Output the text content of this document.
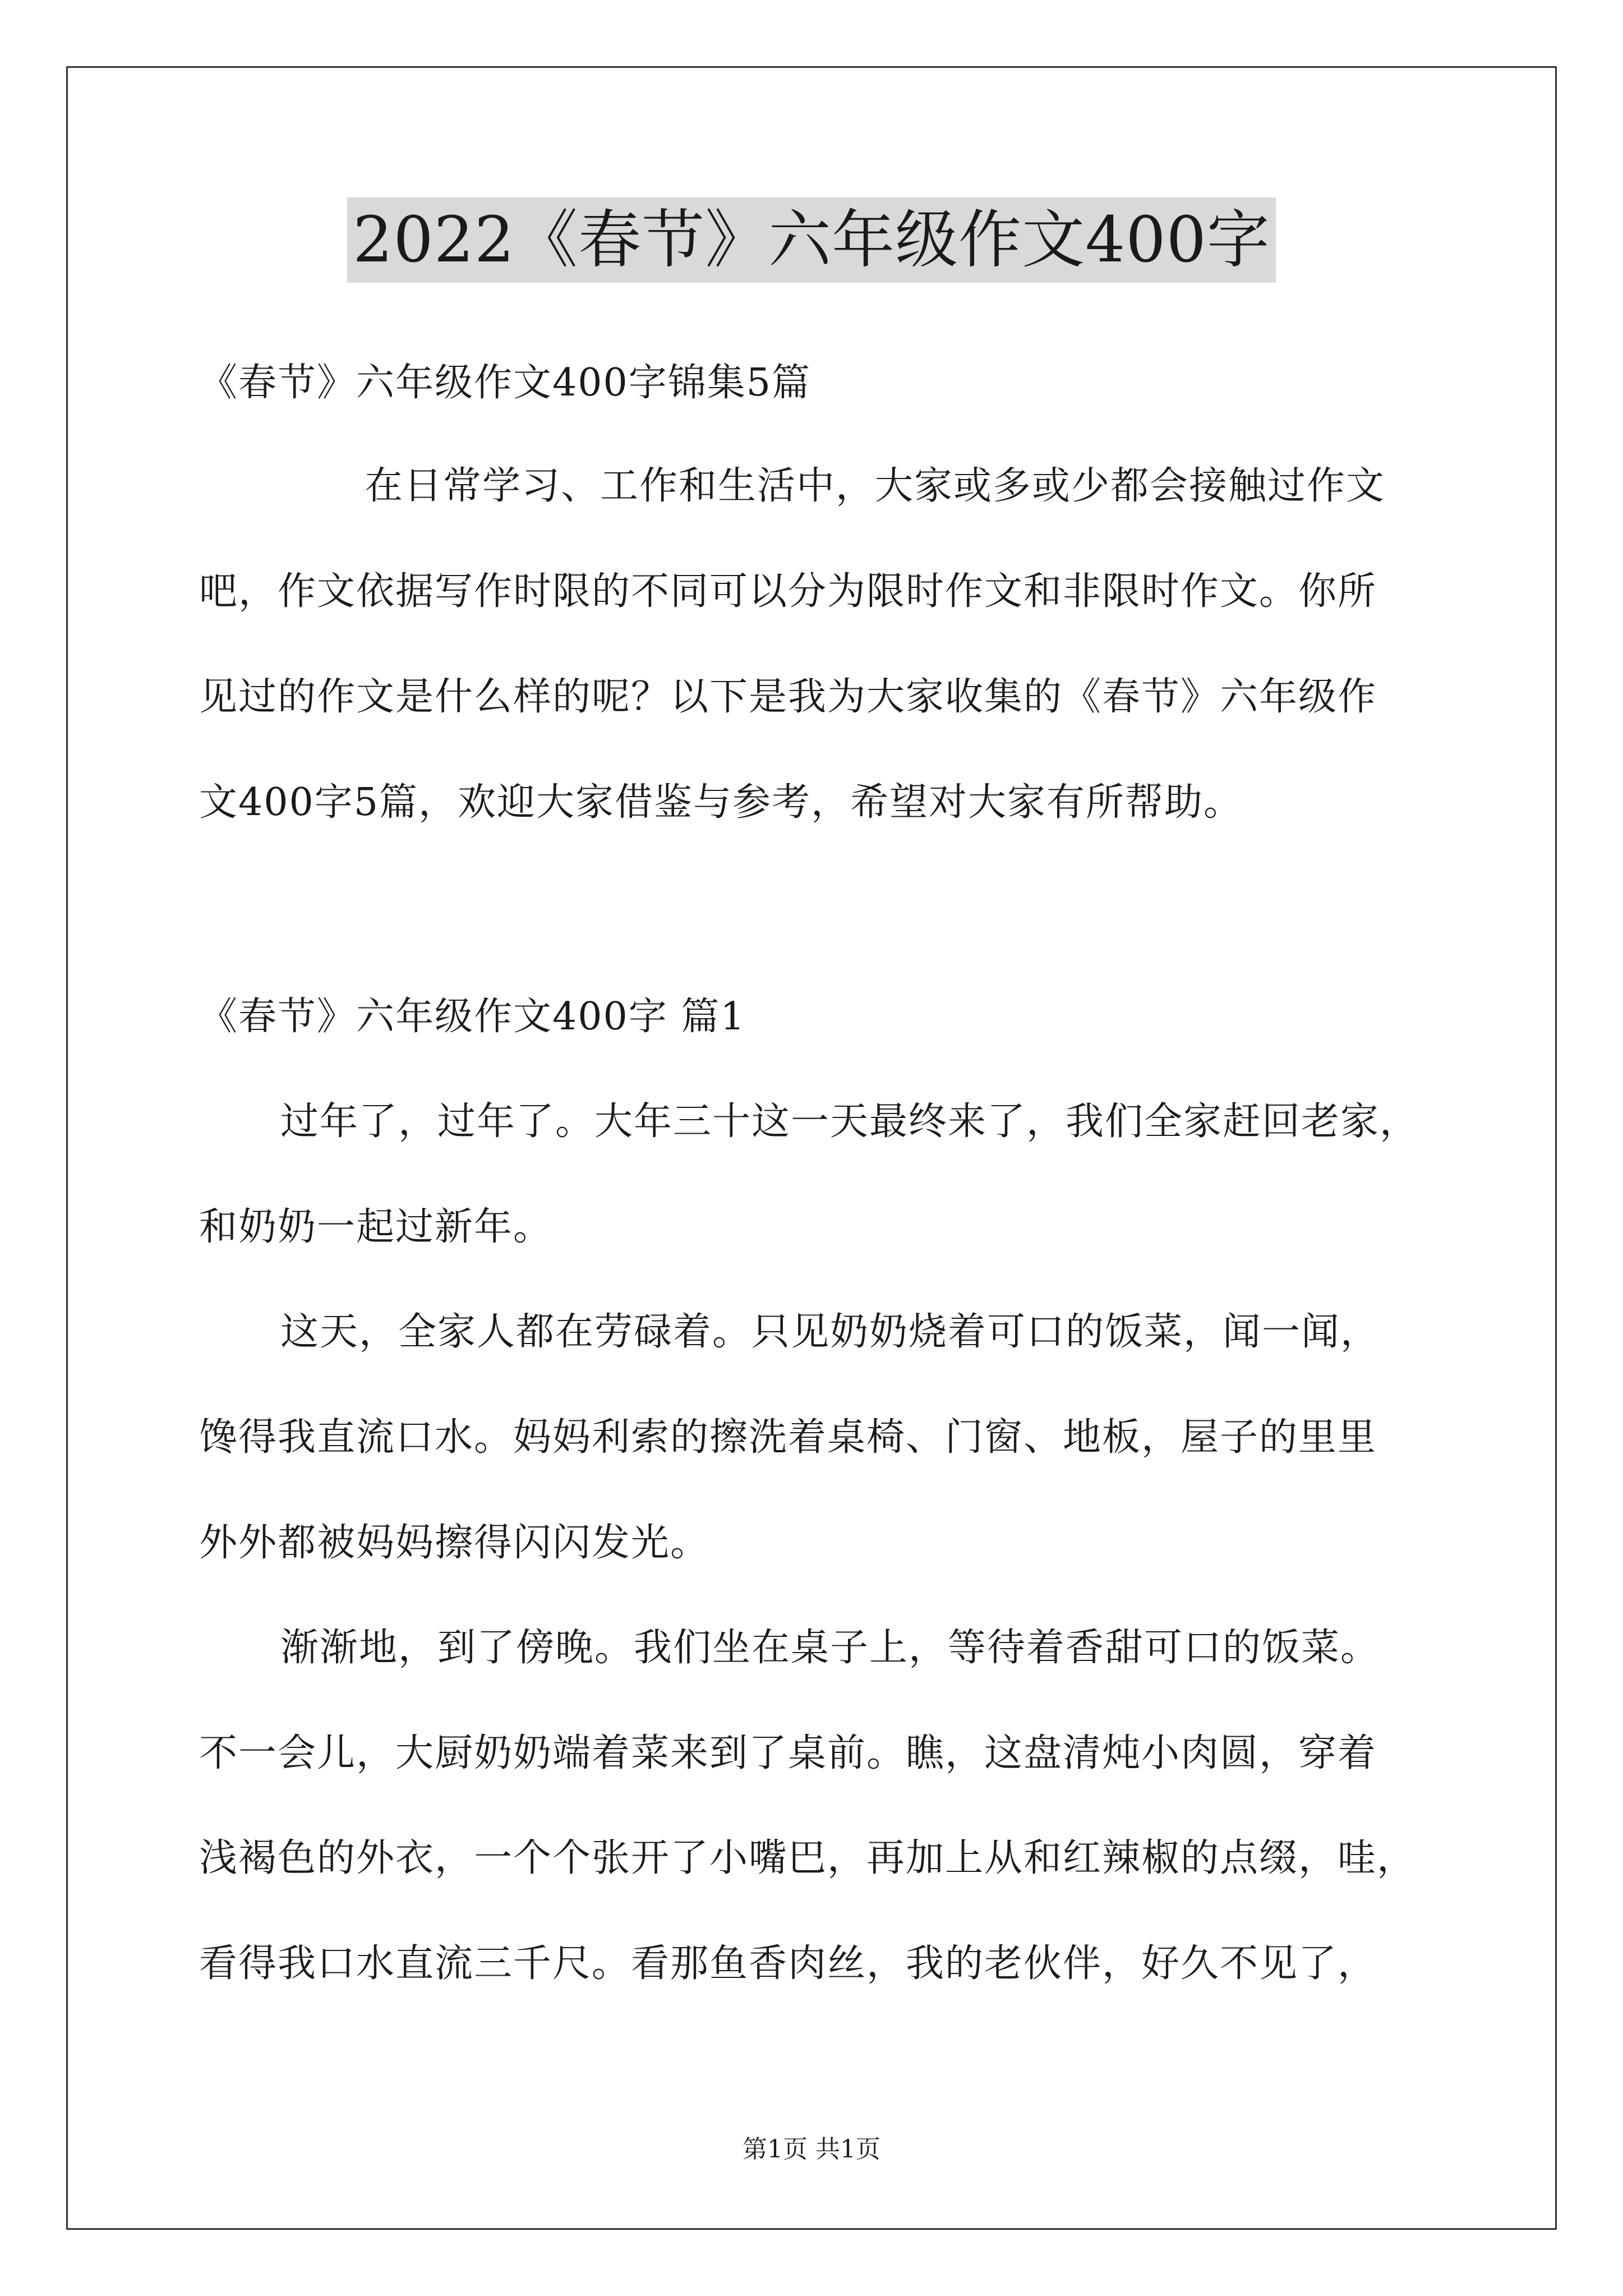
2022《春节》六年级作文400字
《春节》六年级作文400字锦集5篇
在日常学习、工作和生活中，大家或多或少都会接触过作文
吧，作文依据写作时限的不同可以分为限时作文和非限时作文。你所
见过的作文是什么样的呢？以下是我为大家收集的《春节》六年级作
文400字5篇，欢迎大家借鉴与参考，希望对大家有所帮助。
《春节》六年级作文400字 篇1
过年了，过年了。大年三十这一天最终来了，我们全家赶回老家，
和奶奶一起过新年。
这天，全家人都在劳碌着。只见奶奶烧着可口的饭菜，闻一闻，
馋得我直流口水。妈妈利索的擦洗着桌椅、门窗、地板，屋子的里里
外外都被妈妈擦得闪闪发光。
渐渐地，到了傍晚。我们坐在桌子上，等待着香甜可口的饭菜。
不一会儿，大厨奶奶端着菜来到了桌前。瞧，这盘清炖小肉圆，穿着
浅褐色的外衣，一个个张开了小嘴巴，再加上从和红辣椒的点缀，哇，
看得我口水直流三千尺。看那鱼香肉丝，我的老伙伴，好久不见了，
第1页 共1页
